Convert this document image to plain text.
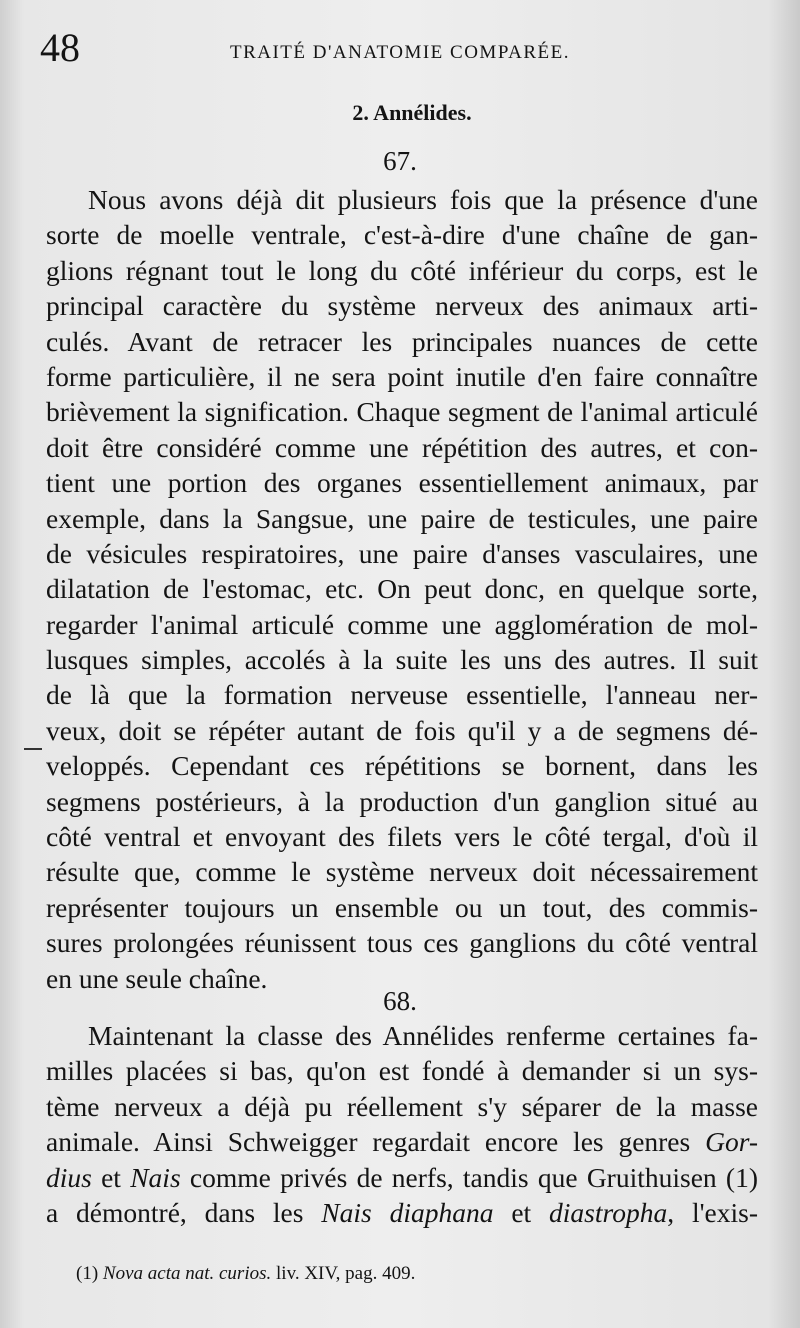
48	TRAITÉ D'ANATOMIE COMPARÉE.
2. Annélides.
67.
Nous avons déjà dit plusieurs fois que la présence d'une
sorte de moelle ventrale, c'est-à-dire d'une chaîne de gan-
glions régnant tout le long du côté inférieur du corps, est le
principal caractère du système nerveux des animaux arti-
culés. Avant de retracer les principales nuances de cette
forme particulière, il ne sera point inutile d'en faire connaître
brièvement la signification. Chaque segment de l'animal articulé
doit être considéré comme une répétition des autres, et con-
tient une portion des organes essentiellement animaux, par
exemple, dans la Sangsue, une paire de testicules, une paire
de vésicules respiratoires, une paire d'anses vasculaires, une
dilatation de l'estomac, etc. On peut donc, en quelque sorte,
regarder l'animal articulé comme une agglomération de mol-
lusques simples, accolés à la suite les uns des autres. Il suit
de là que la formation nerveuse essentielle, l'anneau ner-
veux, doit se répéter autant de fois qu'il y a de segmens dé-
veloppés. Cependant ces répétitions se bornent, dans les
segmens postérieurs, à la production d'un ganglion situé au
côté ventral et envoyant des filets vers le côté tergal, d'où il
résulte que, comme le système nerveux doit nécessairement
représenter toujours un ensemble ou un tout, des commis-
sures prolongées réunissent tous ces ganglions du côté ventral
en une seule chaîne.
68.
Maintenant la classe des Annélides renferme certaines fa-
milles placées si bas, qu'on est fondé à demander si un sys-
tème nerveux a déjà pu réellement s'y séparer de la masse
animale. Ainsi Schweigger regardait encore les genres Gor-
dius et Nais comme privés de nerfs, tandis que Gruithuisen (1)
a démontré, dans les Nais diaphana et diastropha, l'exis-
(1) Nova acta nat. curios. liv. XIV, pag. 409.
